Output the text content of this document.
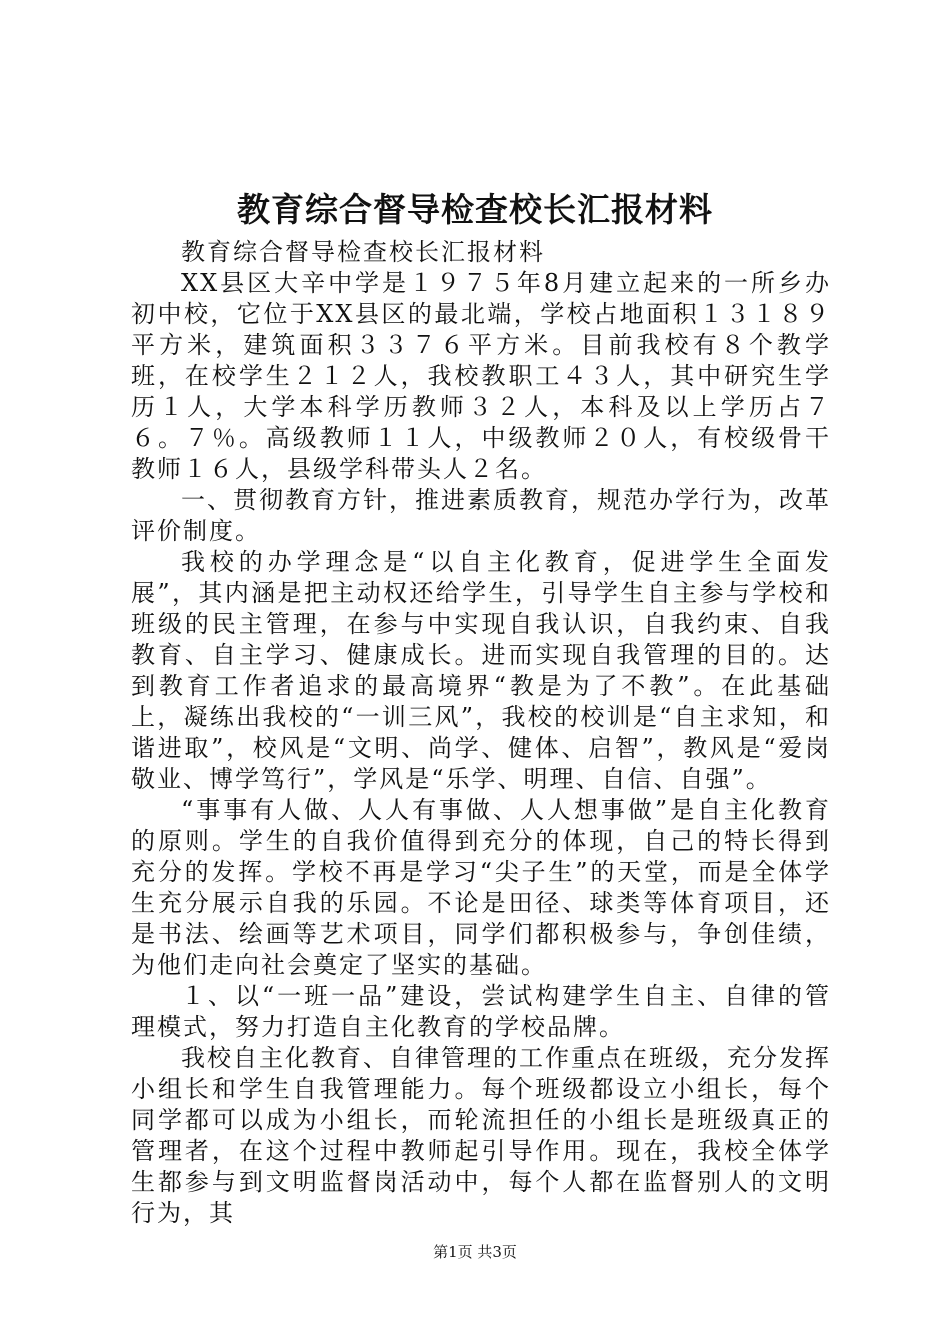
教育综合督导检查校长汇报材料

教育综合督导检查校长汇报材料

XX县区大辛中学是１９７５年8月建立起来的一所乡办初中校，它位于XX县区的最北端，学校占地面积１３１８９平方米，建筑面积３３７６平方米。目前我校有８个教学班，在校学生２１２人，我校教职工４３人，其中研究生学历１人，大学本科学历教师３２人，本科及以上学历占７６。７％。高级教师１１人，中级教师２０人，有校级骨干教师１６人，县级学科带头人２名。

一、贯彻教育方针，推进素质教育，规范办学行为，改革评价制度。

我校的办学理念是“以自主化教育，促进学生全面发展”，其内涵是把主动权还给学生，引导学生自主参与学校和班级的民主管理，在参与中实现自我认识，自我约束、自我教育、自主学习、健康成长。进而实现自我管理的目的。达到教育工作者追求的最高境界“教是为了不教”。在此基础上，凝练出我校的“一训三风”，我校的校训是“自主求知，和谐进取”，校风是“文明、尚学、健体、启智”，教风是“爱岗敬业、博学笃行”，学风是“乐学、明理、自信、自强”。

“事事有人做、人人有事做、人人想事做”是自主化教育的原则。学生的自我价值得到充分的体现，自己的特长得到充分的发挥。学校不再是学习“尖子生”的天堂，而是全体学生充分展示自我的乐园。不论是田径、球类等体育项目，还是书法、绘画等艺术项目，同学们都积极参与，争创佳绩，为他们走向社会奠定了坚实的基础。

１、以“一班一品”建设，尝试构建学生自主、自律的管理模式，努力打造自主化教育的学校品牌。

我校自主化教育、自律管理的工作重点在班级，充分发挥小组长和学生自我管理能力。每个班级都设立小组长，每个同学都可以成为小组长，而轮流担任的小组长是班级真正的管理者，在这个过程中教师起引导作用。现在，我校全体学生都参与到文明监督岗活动中，每个人都在监督别人的文明行为，其

第1页 共3页
